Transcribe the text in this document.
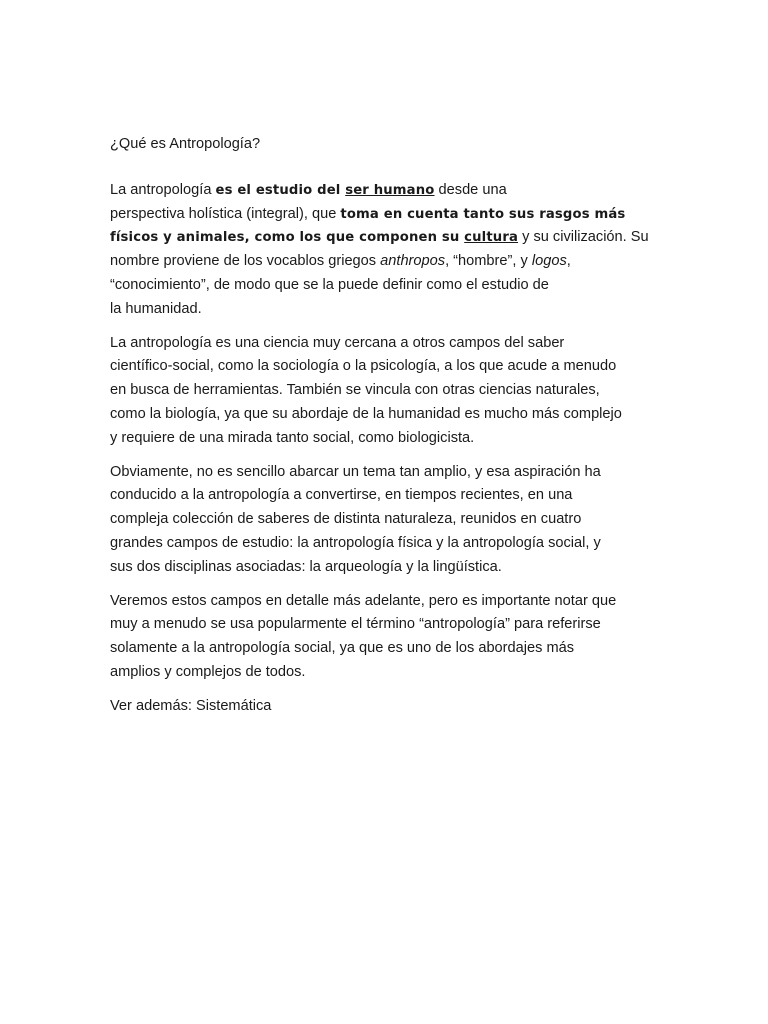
¿Qué es Antropología?
La antropología es el estudio del ser humano desde una
perspectiva holística (integral), que toma en cuenta tanto sus rasgos más
físicos y animales, como los que componen su cultura y su civilización. Su
nombre proviene de los vocablos griegos anthropos, “hombre”, y logos,
“conocimiento”, de modo que se la puede definir como el estudio de
la humanidad.
La antropología es una ciencia muy cercana a otros campos del saber
científico-social, como la sociología o la psicología, a los que acude a menudo
en busca de herramientas. También se vincula con otras ciencias naturales,
como la biología, ya que su abordaje de la humanidad es mucho más complejo
y requiere de una mirada tanto social, como biologicista.
Obviamente, no es sencillo abarcar un tema tan amplio, y esa aspiración ha
conducido a la antropología a convertirse, en tiempos recientes, en una
compleja colección de saberes de distinta naturaleza, reunidos en cuatro
grandes campos de estudio: la antropología física y la antropología social, y
sus dos disciplinas asociadas: la arqueología y la lingüística.
Veremos estos campos en detalle más adelante, pero es importante notar que
muy a menudo se usa popularmente el término “antropología” para referirse
solamente a la antropología social, ya que es uno de los abordajes más
amplios y complejos de todos.
Ver además: Sistemática
